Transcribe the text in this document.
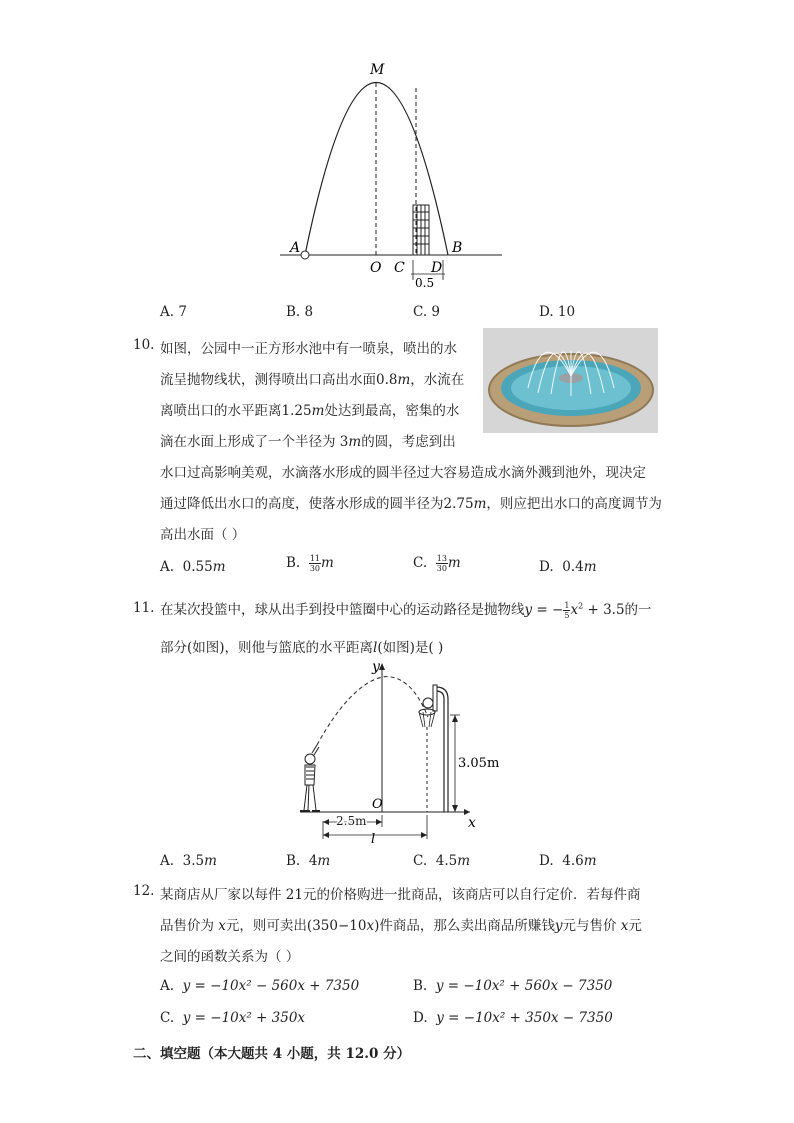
M
A
O C D
B
0.5
A. 7	B. 8	C. 9	D. 10
10. 如图，公园中一正方形水池中有一喷泉，喷出的水
流呈抛物线状，测得喷出口高出水面0.8m，水流在
离喷出口的水平距离1.25m处达到最高，密集的水
滴在水面上形成了一个半径为 3m的圆，考虑到出
水口过高影响美观，水滴落水形成的圆半径过大容易造成水滴外溅到池外，现决定
通过降低出水口的高度，使落水形成的圆半径为2.75m，则应把出水口的高度调节为
高出水面（ ）
A. 0.55m	B. $\frac{11}{30}$ m	C. $\frac{13}{30}$ m	D. 0.4m
11. 在某次投篮中，球从出手到投中篮圈中心的运动路径是抛物线y = − $\frac{1}{5} x^2 + 3.5$的一
部分(如图)，则他与篮底的水平距离l(如图)是( )
y
x
O
3.05m
2.5m
l
A. 3.5m	B. 4m	C. 4.5m	D. 4.6m
12. 某商店从厂家以每件 21元的价格购进一批商品，该商店可以自行定价．若每件商
品售价为 x元，则可卖出(350−10x)件商品，那么卖出商品所赚钱y元与售价 x元
之间的函数关系为（ ）
A. y = −10x² − 560x + 7350	B. y = −10x² + 560x − 7350
C. y = −10x² + 350x	D. y = −10x² + 350x − 7350
二、填空题（本大题共 4 小题，共 12.0 分）
